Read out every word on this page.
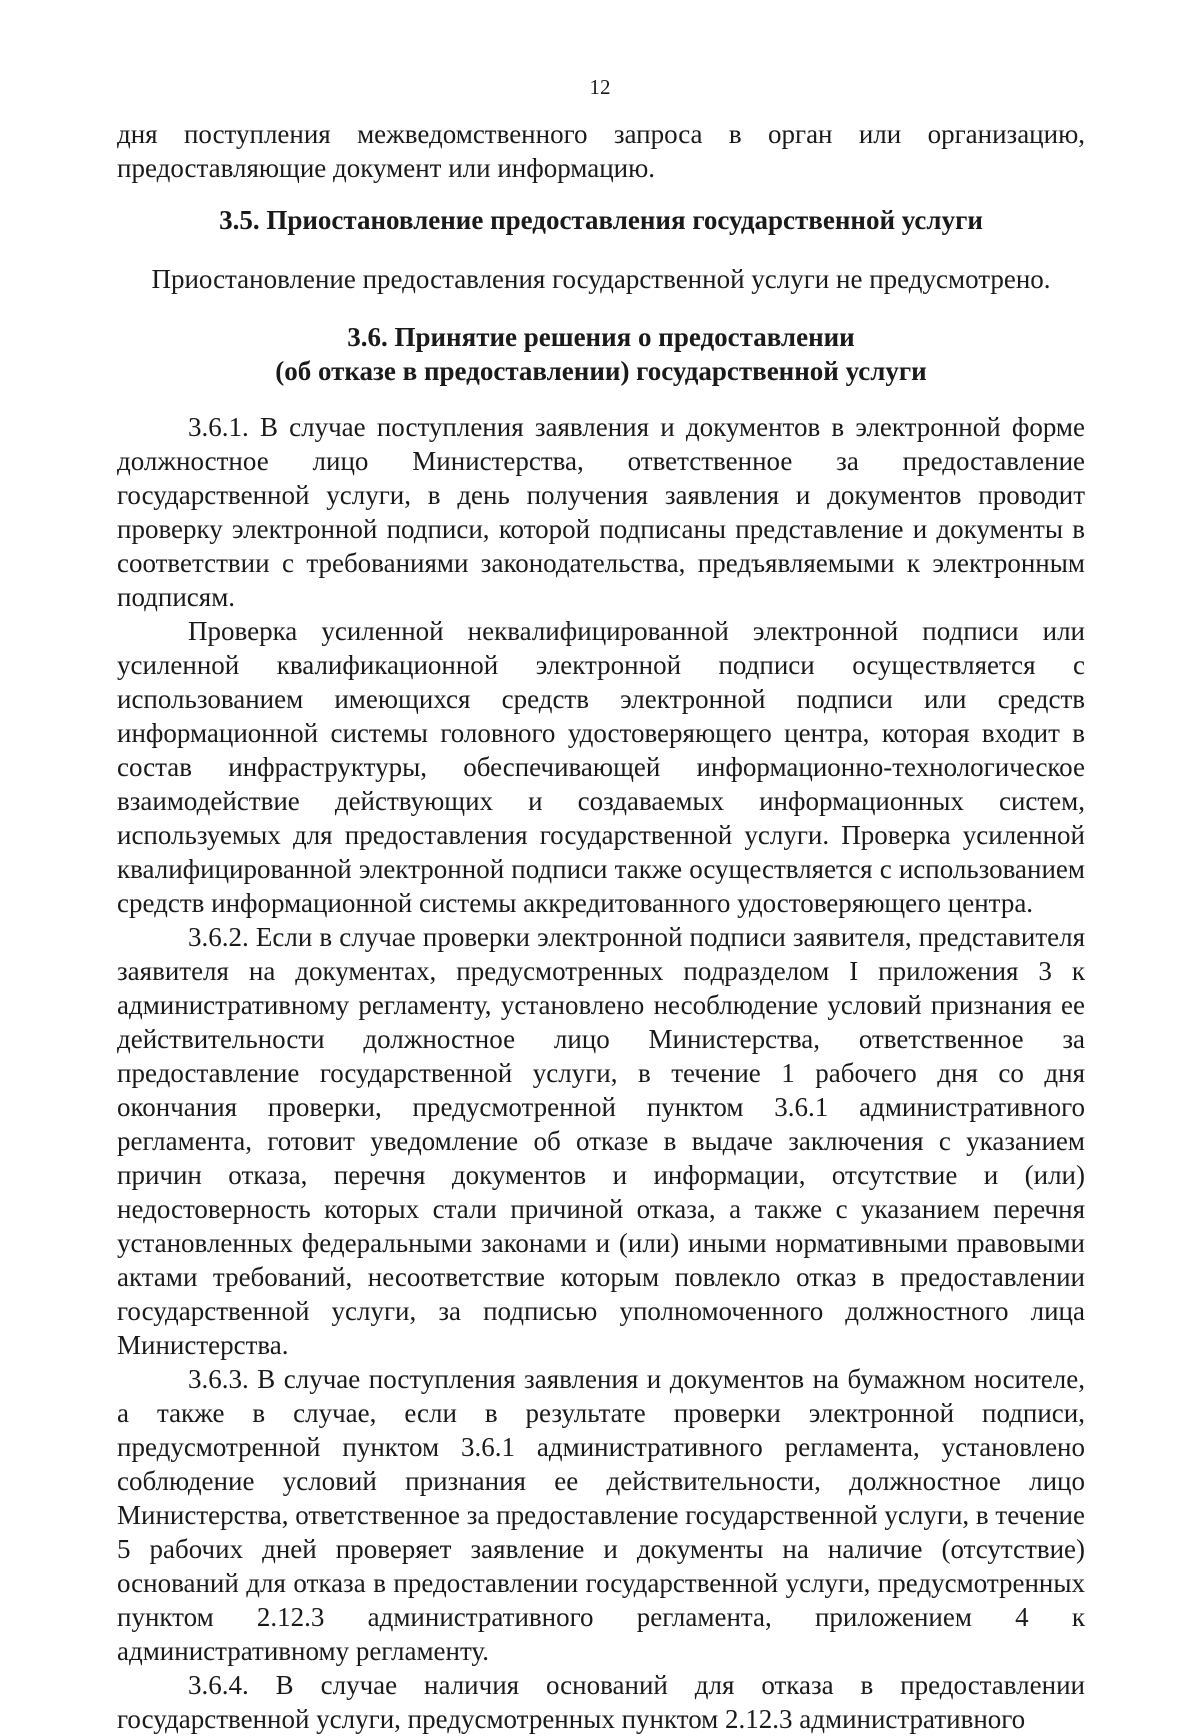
12

дня поступления межведомственного запроса в орган или организацию, предоставляющие документ или информацию.

3.5. Приостановление предоставления государственной услуги

Приостановление предоставления государственной услуги не предусмотрено.

3.6. Принятие решения о предоставлении

(об отказе в предоставлении) государственной услуги

3.6.1. В случае поступления заявления и документов в электронной форме должностное лицо Министерства, ответственное за предоставление государственной услуги, в день получения заявления и документов проводит проверку электронной подписи, которой подписаны представление и документы в соответствии с требованиями законодательства, предъявляемыми к электронным подписям.

Проверка усиленной неквалифицированной электронной подписи или усиленной квалификационной электронной подписи осуществляется с использованием имеющихся средств электронной подписи или средств информационной системы головного удостоверяющего центра, которая входит в состав инфраструктуры, обеспечивающей информационно-технологическое взаимодействие действующих и создаваемых информационных систем, используемых для предоставления государственной услуги. Проверка усиленной квалифицированной электронной подписи также осуществляется с использованием средств информационной системы аккредитованного удостоверяющего центра.

3.6.2. Если в случае проверки электронной подписи заявителя, представителя заявителя на документах, предусмотренных подразделом I приложения 3 к административному регламенту, установлено несоблюдение условий признания ее действительности должностное лицо Министерства, ответственное за предоставление государственной услуги, в течение 1 рабочего дня со дня окончания проверки, предусмотренной пунктом 3.6.1 административного регламента, готовит уведомление об отказе в выдаче заключения с указанием причин отказа, перечня документов и информации, отсутствие и (или) недостоверность которых стали причиной отказа, а также с указанием перечня установленных федеральными законами и (или) иными нормативными правовыми актами требований, несоответствие которым повлекло отказ в предоставлении государственной услуги, за подписью уполномоченного должностного лица Министерства.

3.6.3. В случае поступления заявления и документов на бумажном носителе, а также в случае, если в результате проверки электронной подписи, предусмотренной пунктом 3.6.1 административного регламента, установлено соблюдение условий признания ее действительности, должностное лицо Министерства, ответственное за предоставление государственной услуги, в течение 5 рабочих дней проверяет заявление и документы на наличие (отсутствие) оснований для отказа в предоставлении государственной услуги, предусмотренных пунктом 2.12.3 административного регламента, приложением 4 к административному регламенту.

3.6.4. В случае наличия оснований для отказа в предоставлении государственной услуги, предусмотренных пунктом 2.12.3 административного
